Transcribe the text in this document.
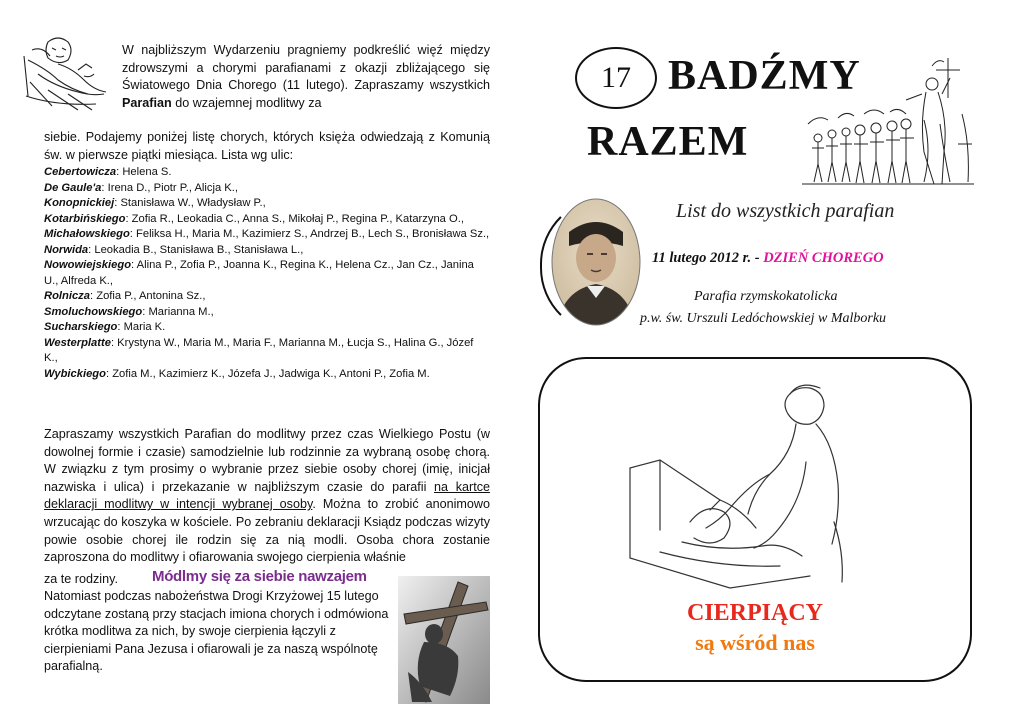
W najbliższym Wydarzeniu pragniemy podkreślić więź między zdrowszymi a chorymi parafianami z okazji zbliżającego się Światowego Dnia Chorego (11 lutego). Zapraszamy wszystkich Parafian do wzajemnej modlitwy za
siebie. Podajemy poniżej listę chorych, których księża odwiedzają z Komunią św. w pierwsze piątki miesiąca. Lista wg ulic:
Cebertowicza: Helena S.
De Gaule'a: Irena D., Piotr P., Alicja K.,
Konopnickiej: Stanisława W., Władysław P.,
Kotarbińskiego: Zofia R., Leokadia C., Anna S., Mikołaj P., Regina P., Katarzyna O.,
Michałowskiego: Feliksa H., Maria M., Kazimierz S., Andrzej B., Lech S., Bronisława Sz.,
Norwida: Leokadia B., Stanisława B., Stanisława L.,
Nowowiejskiego: Alina P., Zofia P., Joanna K., Regina K., Helena Cz., Jan Cz., Janina U., Alfreda K.,
Rolnicza: Zofia P., Antonina Sz.,
Smoluchowskiego: Marianna M.,
Sucharskiego: Maria K.
Westerplatte: Krystyna W., Maria M., Maria F., Marianna M., Łucja S., Halina G., Józef K.,
Wybickiego: Zofia M., Kazimierz K., Józefa J., Jadwiga K., Antoni P., Zofia M.
Zapraszamy wszystkich Parafian do modlitwy przez czas Wielkiego Postu (w dowolnej formie i czasie) samodzielnie lub rodzinnie za wybraną osobę chorą. W związku z tym prosimy o wybranie przez siebie osoby chorej (imię, inicjał nazwiska i ulica) i przekazanie w najbliższym czasie do parafii na kartce deklaracji modlitwy w intencji wybranej osoby. Można to zrobić anonimowo wrzucając do koszyka w kościele. Po zebraniu deklaracji Ksiądz podczas wizyty powie osobie chorej ile rodzin się za nią modli. Osoba chora zostanie zaproszona do modlitwy i ofiarowania swojego cierpienia właśnie
za te rodziny. Módlmy się za siebie nawzajem
Natomiast podczas nabożeństwa Drogi Krzyżowej 15 lutego odczytane zostaną przy stacjach imiona chorych i odmówiona krótka modlitwa za nich, by swoje cierpienia łączyli z cierpieniami Pana Jezusa i ofiarowali je za naszą wspólnotę parafialną.
17 BADŹMY
RAZEM
List do wszystkich parafian
11 lutego 2012 r. - DZIEŃ CHOREGO
Parafia rzymskokatolicka
p.w. św. Urszuli Ledóchowskiej w Malborku
CIERPIĄCY
są wśród nas
